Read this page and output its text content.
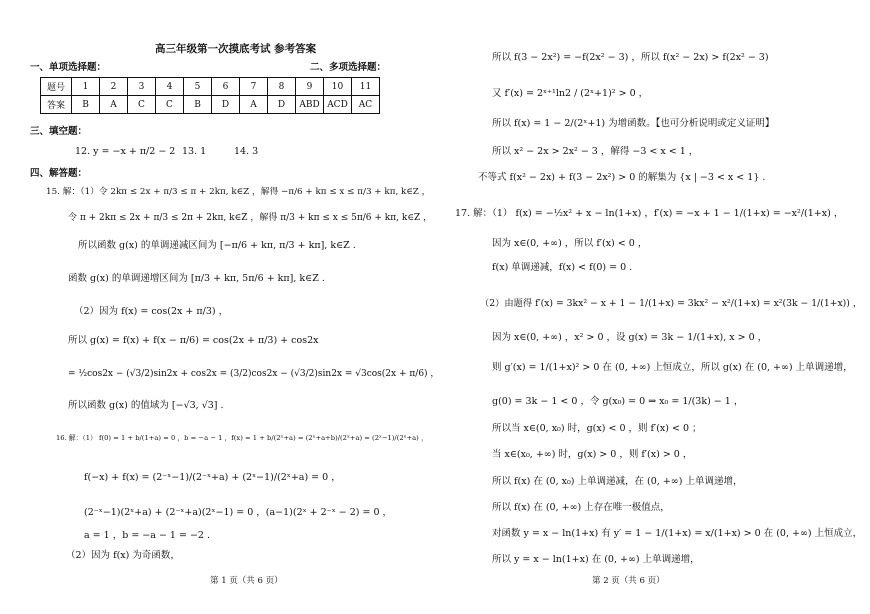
高三年级第一次摸底考试 参考答案
一、单项选择题：	二、多项选择题：
题号	1	2	3	4	5	6	7	8	9	10	11
答案	B	A	C	C	B	D	A	D	ABD	ACD	AC
三、填空题：
12. y = −x + π/2 − 2 13. 1	14. 3
四、解答题：
15. 解：（1）令 2kπ ≤ 2x + π/3 ≤ π + 2kπ, k∈Z ，解得 −π/6 + kπ ≤ x ≤ π/3 + kπ, k∈Z ，
令 π + 2kπ ≤ 2x + π/3 ≤ 2π + 2kπ, k∈Z ，解得 π/3 + kπ ≤ x ≤ 5π/6 + kπ, k∈Z ，
所以函数 g(x) 的单调递减区间为 [−π/6 + kπ, π/3 + kπ], k∈Z .
函数 g(x) 的单调递增区间为 [π/3 + kπ, 5π/6 + kπ], k∈Z .
（2）因为 f(x) = cos(2x + π/3) ，
所以 g(x) = f(x) + f(x − π/6) = cos(2x + π/3) + cos2x
= ½cos2x − (√3/2)sin2x + cos2x = (3/2)cos2x − (√3/2)sin2x = √3cos(2x + π/6) ，
所以函数 g(x) 的值域为 [−√3, √3] .
16. 解：（1） f(0) = 1 + b/(1+a) = 0 ，b = −a − 1 ，f(x) = 1 + b/(2ˣ+a) = (2ˣ+a+b)/(2ˣ+a) = (2ˣ−1)/(2ˣ+a) ，
f(−x) + f(x) = (2⁻ˣ−1)/(2⁻ˣ+a) + (2ˣ−1)/(2ˣ+a) = 0 ，
(2⁻ˣ−1)(2ˣ+a) + (2⁻ˣ+a)(2ˣ−1) = 0 ，(a−1)(2ˣ + 2⁻ˣ − 2) = 0 ，
a = 1 ，b = −a − 1 = −2 .
（2）因为 f(x) 为奇函数，
第 1 页（共 6 页）
所以 f(3 − 2x²) = −f(2x² − 3) ，所以 f(x² − 2x) > f(2x² − 3)
又 f′(x) = 2ˣ⁺¹ln2 / (2ˣ+1)² > 0 ，
所以 f(x) = 1 − 2/(2ˣ+1) 为增函数。【也可分析说明或定义证明】
所以 x² − 2x > 2x² − 3 ，解得 −3 < x < 1 ，
不等式 f(x² − 2x) + f(3 − 2x²) > 0 的解集为 {x | −3 < x < 1} .
17. 解：（1） f(x) = −½x² + x − ln(1+x) ，f′(x) = −x + 1 − 1/(1+x) = −x²/(1+x) ，
因为 x∈(0, +∞) ，所以 f′(x) < 0 ，
f(x) 单调递减，f(x) < f(0) = 0 .
（2）由题得 f′(x) = 3kx² − x + 1 − 1/(1+x) = 3kx² − x²/(1+x) = x²(3k − 1/(1+x)) ，
因为 x∈(0, +∞) ，x² > 0 ，设 g(x) = 3k − 1/(1+x), x > 0 ，
则 g′(x) = 1/(1+x)² > 0 在 (0, +∞) 上恒成立，所以 g(x) 在 (0, +∞) 上单调递增，
g(0) = 3k − 1 < 0 ，令 g(x₀) = 0 ⇒ x₀ = 1/(3k) − 1 ，
所以当 x∈(0, x₀) 时，g(x) < 0 ，则 f′(x) < 0 ；
当 x∈(x₀, +∞) 时，g(x) > 0 ，则 f′(x) > 0 ，
所以 f(x) 在 (0, x₀) 上单调递减，在 (0, +∞) 上单调递增，
所以 f(x) 在 (0, +∞) 上存在唯一极值点，
对函数 y = x − ln(1+x) 有 y′ = 1 − 1/(1+x) = x/(1+x) > 0 在 (0, +∞) 上恒成立，
所以 y = x − ln(1+x) 在 (0, +∞) 上单调递增，
第 2 页（共 6 页）
